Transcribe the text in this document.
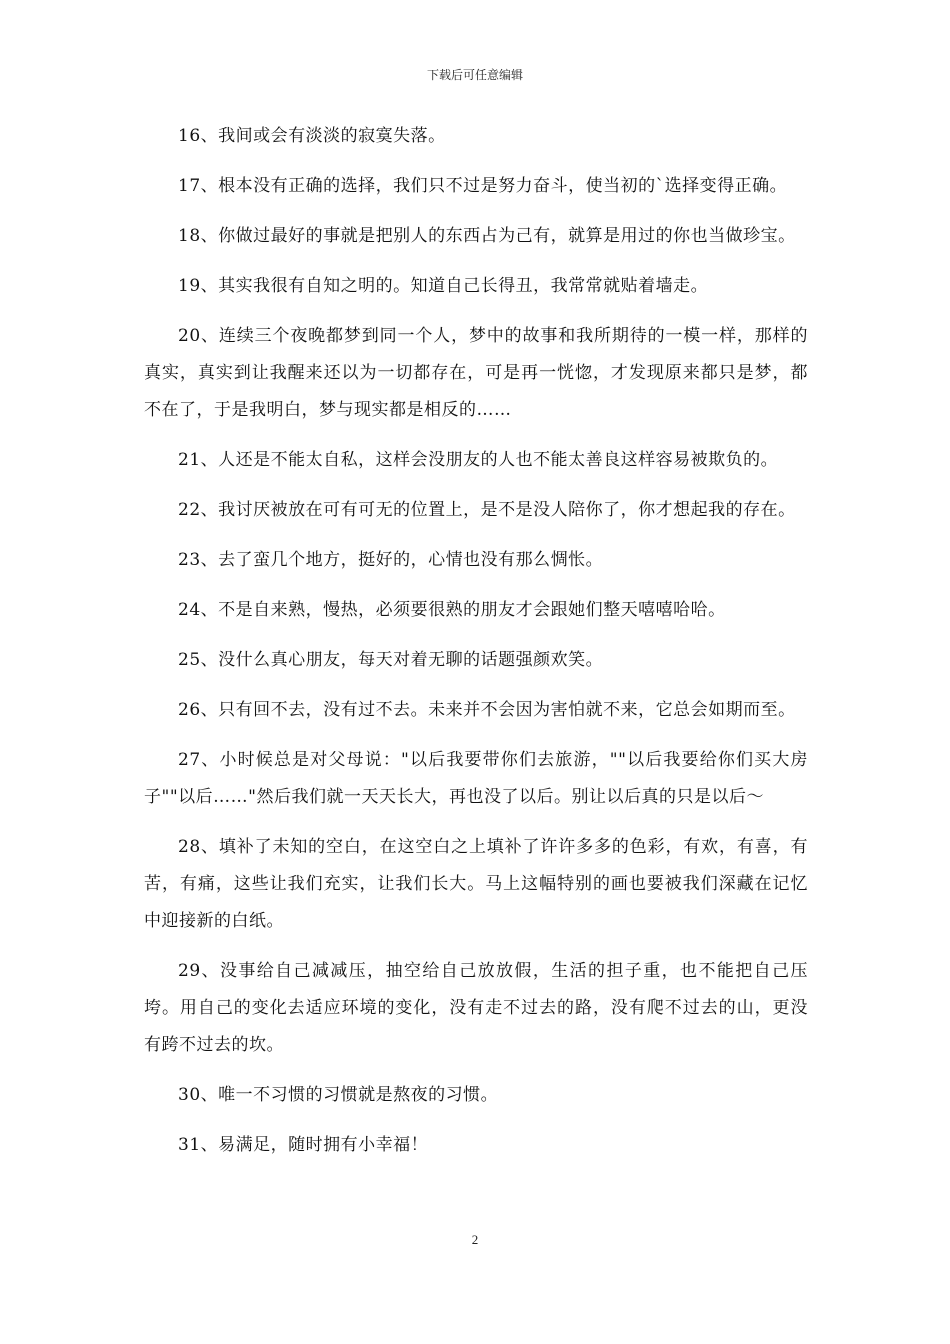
下载后可任意编辑

16、我间或会有淡淡的寂寞失落。

17、根本没有正确的选择，我们只不过是努力奋斗，使当初的`选择变得正确。

18、你做过最好的事就是把别人的东西占为己有，就算是用过的你也当做珍宝。

19、其实我很有自知之明的。知道自己长得丑，我常常就贴着墙走。

20、连续三个夜晚都梦到同一个人，梦中的故事和我所期待的一模一样，那样的真实，真实到让我醒来还以为一切都存在，可是再一恍惚，才发现原来都只是梦，都不在了，于是我明白，梦与现实都是相反的……

21、人还是不能太自私，这样会没朋友的人也不能太善良这样容易被欺负的。

22、我讨厌被放在可有可无的位置上，是不是没人陪你了，你才想起我的存在。

23、去了蛮几个地方，挺好的，心情也没有那么惆怅。

24、不是自来熟，慢热，必须要很熟的朋友才会跟她们整天嘻嘻哈哈。

25、没什么真心朋友，每天对着无聊的话题强颜欢笑。

26、只有回不去，没有过不去。未来并不会因为害怕就不来，它总会如期而至。

27、小时候总是对父母说："以后我要带你们去旅游，""以后我要给你们买大房子""以后……"然后我们就一天天长大，再也没了以后。别让以后真的只是以后～

28、填补了未知的空白，在这空白之上填补了许许多多的色彩，有欢，有喜，有苦，有痛，这些让我们充实，让我们长大。马上这幅特别的画也要被我们深藏在记忆中迎接新的白纸。

29、没事给自己减减压，抽空给自己放放假，生活的担子重，也不能把自己压垮。用自己的变化去适应环境的变化，没有走不过去的路，没有爬不过去的山，更没有跨不过去的坎。

30、唯一不习惯的习惯就是熬夜的习惯。

31、易满足，随时拥有小幸福！

2
